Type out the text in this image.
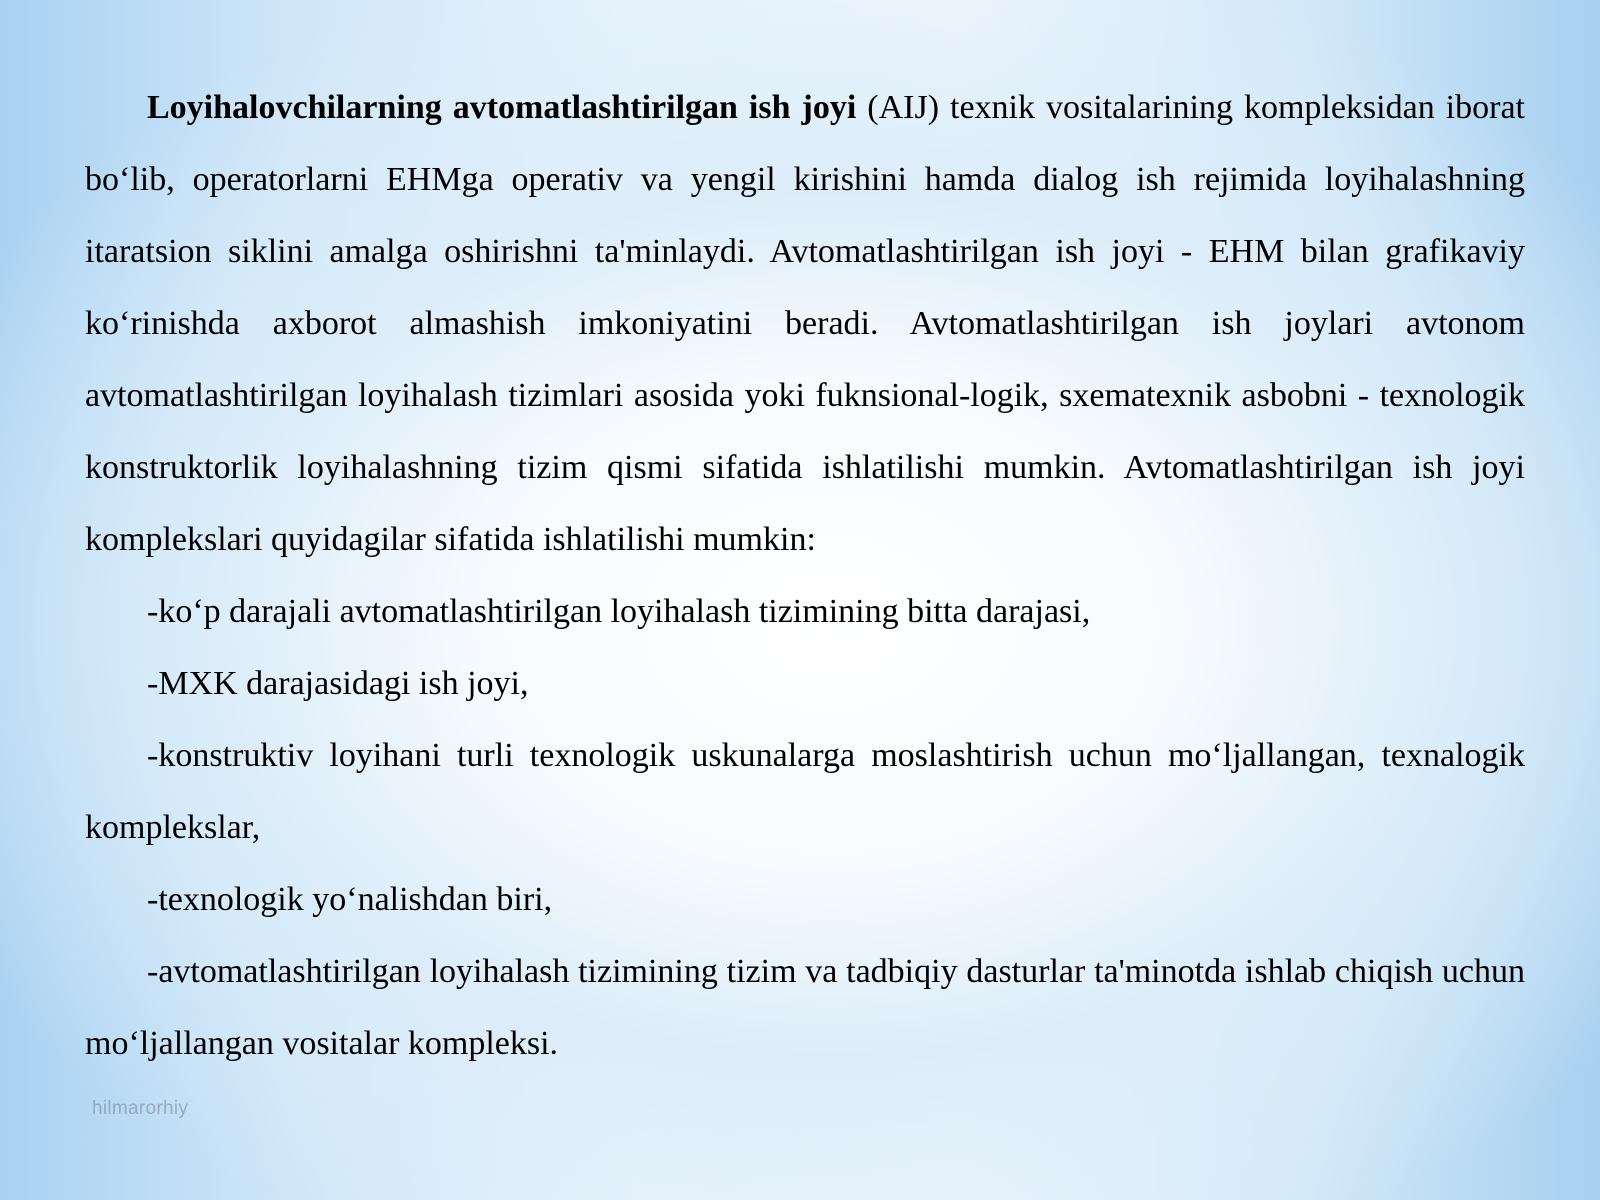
Loyihalovchilarning avtomatlashtirilgan ish joyi (AIJ) texnik vositalarining kompleksidan iborat bo‘lib, operatorlarni EHMga operativ va yengil kirishini hamda dialog ish rejimida loyihalashning itaratsion siklini amalga oshirishni ta'minlaydi. Avtomatlashtirilgan ish joyi - EHM bilan grafikaviy ko‘rinishda axborot almashish imkoniyatini beradi. Avtomatlashtirilgan ish joylari avtonom avtomatlashtirilgan loyihalash tizimlari asosida yoki fuknsional-logik, sxematexnik asbobni - texnologik konstruktorlik loyihalashning tizim qismi sifatida ishlatilishi mumkin. Avtomatlashtirilgan ish joyi komplekslari quyidagilar sifatida ishlatilishi mumkin:

-ko‘p darajali avtomatlashtirilgan loyihalash tizimining bitta darajasi,

-MXK darajasidagi ish joyi,

-konstruktiv loyihani turli texnologik uskunalarga moslashtirish uchun mo‘ljallangan, texnalogik komplekslar,

-texnologik yo‘nalishdan biri,

-avtomatlashtirilgan loyihalash tizimining tizim va tadbiqiy dasturlar ta'minotda ishlab chiqish uchun mo‘ljallangan vositalar kompleksi.

hilmarorhiy
